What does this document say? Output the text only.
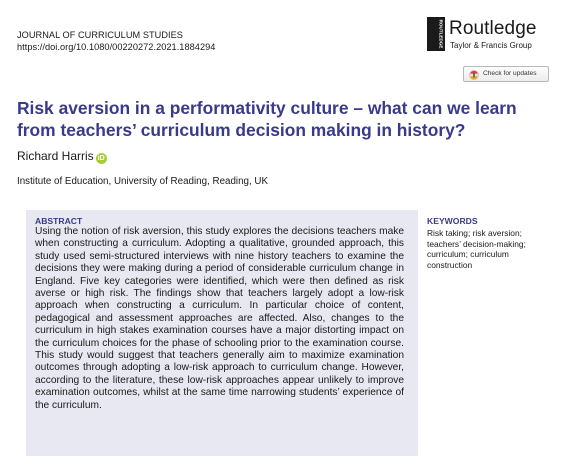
JOURNAL OF CURRICULUM STUDIES
https://doi.org/10.1080/00220272.2021.1884294	ROUTLEDGE Routledge
Taylor & Francis Group
Check for updates
Risk aversion in a performativity culture – what can we learn from teachers’ curriculum decision making in history?
Richard Harris iD
Institute of Education, University of Reading, Reading, UK
ABSTRACT

Using the notion of risk aversion, this study explores the decisions teachers make when constructing a curriculum. Adopting a qualitative, grounded approach, this study used semi-structured interviews with nine history teachers to examine the decisions they were making during a period of considerable curriculum change in England. Five key categories were identified, which were then defined as risk averse or high risk. The findings show that teachers largely adopt a low-risk approach when constructing a curriculum. In particular choice of content, pedagogical and assessment approaches are affected. Also, changes to the curriculum in high stakes examination courses have a major distorting impact on the curriculum choices for the phase of schooling prior to the examination course. This study would suggest that teachers generally aim to maximize examination outcomes through adopting a low-risk approach to curriculum change. However, according to the literature, these low-risk approaches appear unlikely to improve examination outcomes, whilst at the same time narrowing students’ experience of the curriculum.

KEYWORDS
Risk taking; risk aversion; teachers’ decision-making; curriculum; curriculum construction
